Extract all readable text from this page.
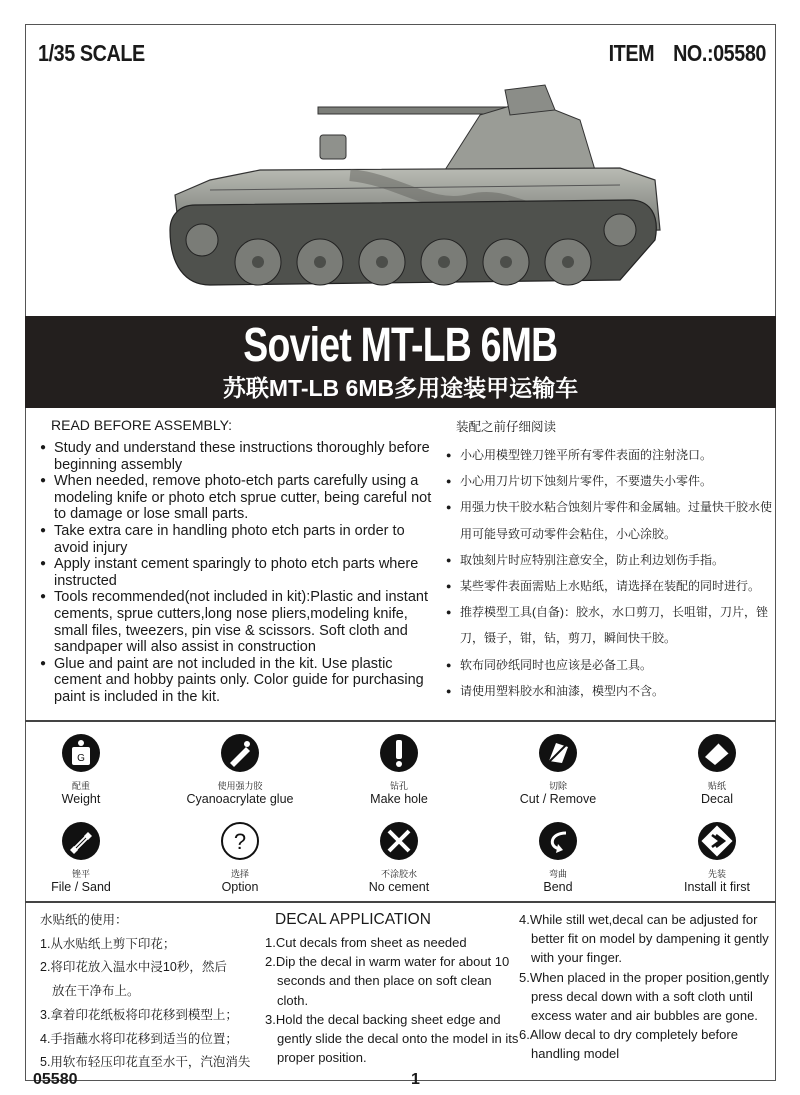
1/35 SCALE	ITEM NO.:05580
Soviet MT-LB 6MB
苏联MT-LB 6MB多用途装甲运输车
READ BEFORE ASSEMBLY:
● Study and understand these instructions thoroughly before beginning assembly
● When needed, remove photo-etch parts carefully using a modeling knife or photo etch sprue cutter, being careful not to damage or lose small parts.
● Take extra care in handling photo etch parts in order to avoid injury
● Apply instant cement sparingly to photo etch parts where instructed
● Tools recommended(not included in kit):Plastic and instant cements, sprue cutters,long nose pliers,modeling knife, small files, tweezers, pin vise & scissors. Soft cloth and sandpaper will also assist in construction
● Glue and paint are not included in the kit. Use plastic cement and hobby paints only. Color guide for purchasing paint is included in the kit.
装配之前仔细阅读
● 小心用模型锉刀锉平所有零件表面的注射浇口。
● 小心用刀片切下蚀刻片零件，不要遗失小零件。
● 用强力快干胶水粘合蚀刻片零件和金属轴。过量快干胶水使用可能导致可动零件会粘住，小心涂胶。
● 取蚀刻片时应特别注意安全，防止利边划伤手指。
● 某些零件表面需贴上水贴纸，请选择在装配的同时进行。
● 推荐模型工具(自备)：胶水，水口剪刀，长咀钳，刀片，锉刀，镊子，钳，钻，剪刀，瞬间快干胶。
● 软布同砂纸同时也应该是必备工具。
● 请使用塑料胶水和油漆，模型内不含。
G
配重
Weight
使用强力胶
Cyanoacrylate glue
钻孔
Make hole
切除
Cut / Remove
贴纸
Decal
锉平
File / Sand
?
选择
Option
不涂胶水
No cement
弯曲
Bend
先装
Install it first
水贴纸的使用：
1.从水贴纸上剪下印花；
2.将印花放入温水中浸10秒，然后
放在干净布上。
3.拿着印花纸板将印花移到模型上；
4.手指蘸水将印花移到适当的位置；
5.用软布轻压印花直至水干，汽泡消失
DECAL APPLICATION
1.Cut decals from sheet as needed
2.Dip the decal in warm water for about 10
seconds and then place on soft clean cloth.
3.Hold the decal backing sheet edge and
gently slide the decal onto the model in its
proper position.
4.While still wet,decal can be adjusted for
better fit on model by dampening it gently
with your finger.
5.When placed in the proper position,gently
press decal down with a soft cloth until
excess water and air bubbles are gone.
6.Allow decal to dry completely before
handling model
05580	1
